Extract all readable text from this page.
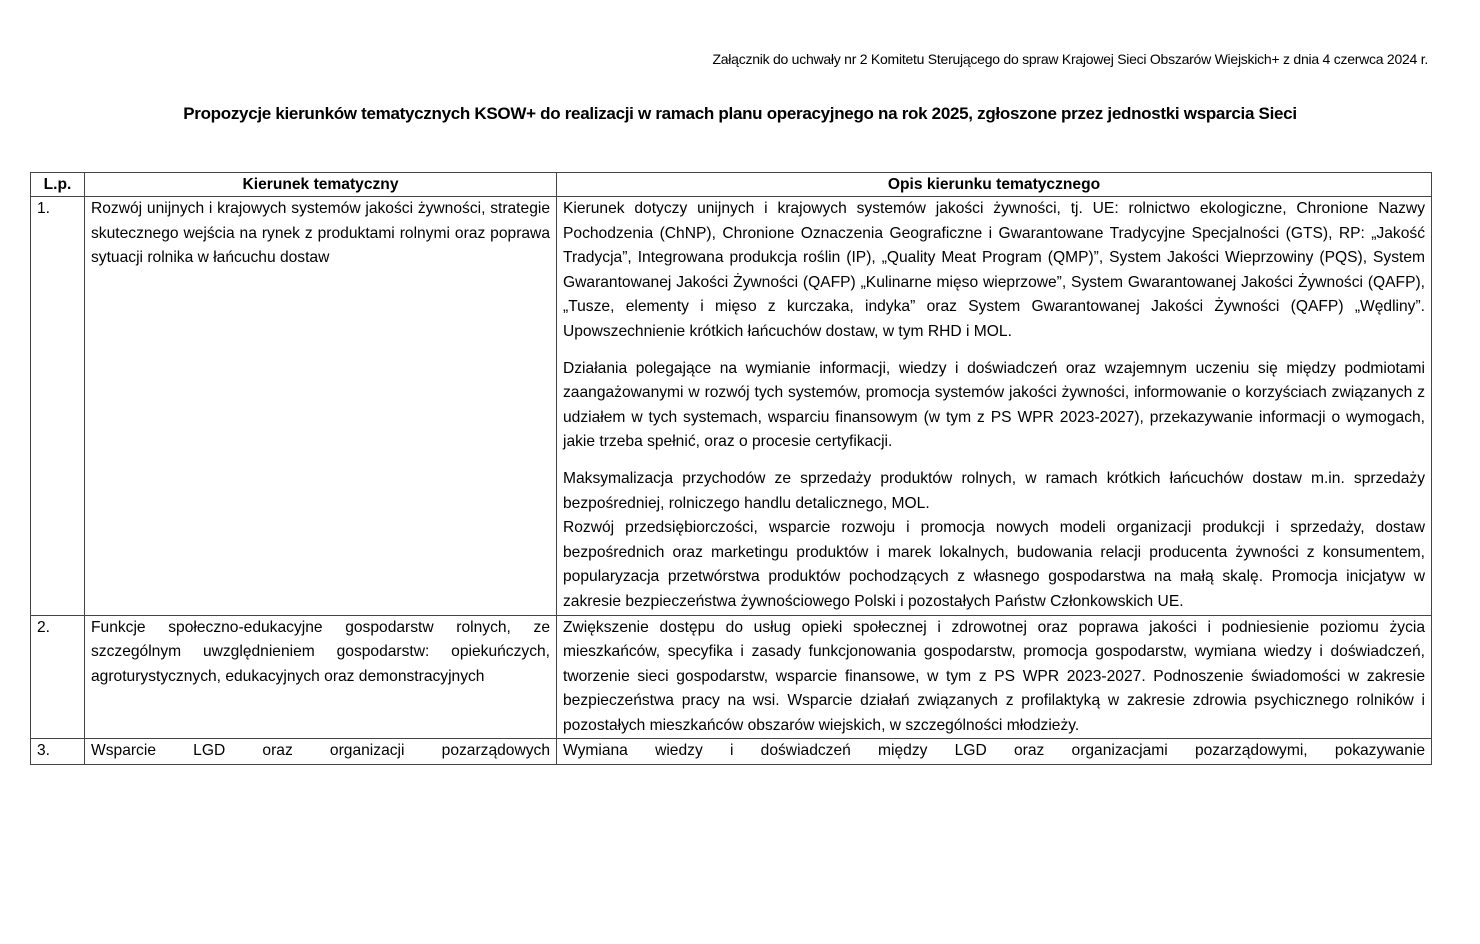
Załącznik do uchwały nr 2 Komitetu Sterującego do spraw Krajowej Sieci Obszarów Wiejskich+ z dnia 4 czerwca 2024 r.
Propozycje kierunków tematycznych KSOW+ do realizacji w ramach planu operacyjnego na rok 2025, zgłoszone przez jednostki wsparcia Sieci
L.p.	Kierunek tematyczny	Opis kierunku tematycznego
1.	Rozwój unijnych i krajowych systemów jakości żywności, strategie skutecznego wejścia na rynek z produktami rolnymi oraz poprawa sytuacji rolnika w łańcuchu dostaw	Kierunek dotyczy unijnych i krajowych systemów jakości żywności, tj. UE: rolnictwo ekologiczne, Chronione Nazwy Pochodzenia (ChNP), Chronione Oznaczenia Geograficzne i Gwarantowane Tradycyjne Specjalności (GTS), RP: „Jakość Tradycja”, Integrowana produkcja roślin (IP), „Quality Meat Program (QMP)”, System Jakości Wieprzowiny (PQS), System Gwarantowanej Jakości Żywności (QAFP) „Kulinarne mięso wieprzowe”, System Gwarantowanej Jakości Żywności (QAFP), „Tusze, elementy i mięso z kurczaka, indyka” oraz System Gwarantowanej Jakości Żywności (QAFP) „Wędliny”. Upowszechnienie krótkich łańcuchów dostaw, w tym RHD i MOL.

Działania polegające na wymianie informacji, wiedzy i doświadczeń oraz wzajemnym uczeniu się między podmiotami zaangażowanymi w rozwój tych systemów, promocja systemów jakości żywności, informowanie o korzyściach związanych z udziałem w tych systemach, wsparciu finansowym (w tym z PS WPR 2023-2027), przekazywanie informacji o wymogach, jakie trzeba spełnić, oraz o procesie certyfikacji.

Maksymalizacja przychodów ze sprzedaży produktów rolnych, w ramach krótkich łańcuchów dostaw m.in. sprzedaży bezpośredniej, rolniczego handlu detalicznego, MOL.

Rozwój przedsiębiorczości, wsparcie rozwoju i promocja nowych modeli organizacji produkcji i sprzedaży, dostaw bezpośrednich oraz marketingu produktów i marek lokalnych, budowania relacji producenta żywności z konsumentem, popularyzacja przetwórstwa produktów pochodzących z własnego gospodarstwa na małą skalę. Promocja inicjatyw w zakresie bezpieczeństwa żywnościowego Polski i pozostałych Państw Członkowskich UE.

2.	Funkcje społeczno-edukacyjne gospodarstw rolnych, ze szczególnym uwzględnieniem gospodarstw: opiekuńczych, agroturystycznych, edukacyjnych oraz demonstracyjnych	Zwiększenie dostępu do usług opieki społecznej i zdrowotnej oraz poprawa jakości i podniesienie poziomu życia mieszkańców, specyfika i zasady funkcjonowania gospodarstw, promocja gospodarstw, wymiana wiedzy i doświadczeń, tworzenie sieci gospodarstw, wsparcie finansowe, w tym z PS WPR 2023-2027. Podnoszenie świadomości w zakresie bezpieczeństwa pracy na wsi. Wsparcie działań związanych z profilaktyką w zakresie zdrowia psychicznego rolników i pozostałych mieszkańców obszarów wiejskich, w szczególności młodzieży.

3.	Wsparcie LGD oraz organizacji pozarządowych	Wymiana wiedzy i doświadczeń między LGD oraz organizacjami pozarządowymi, pokazywanie
